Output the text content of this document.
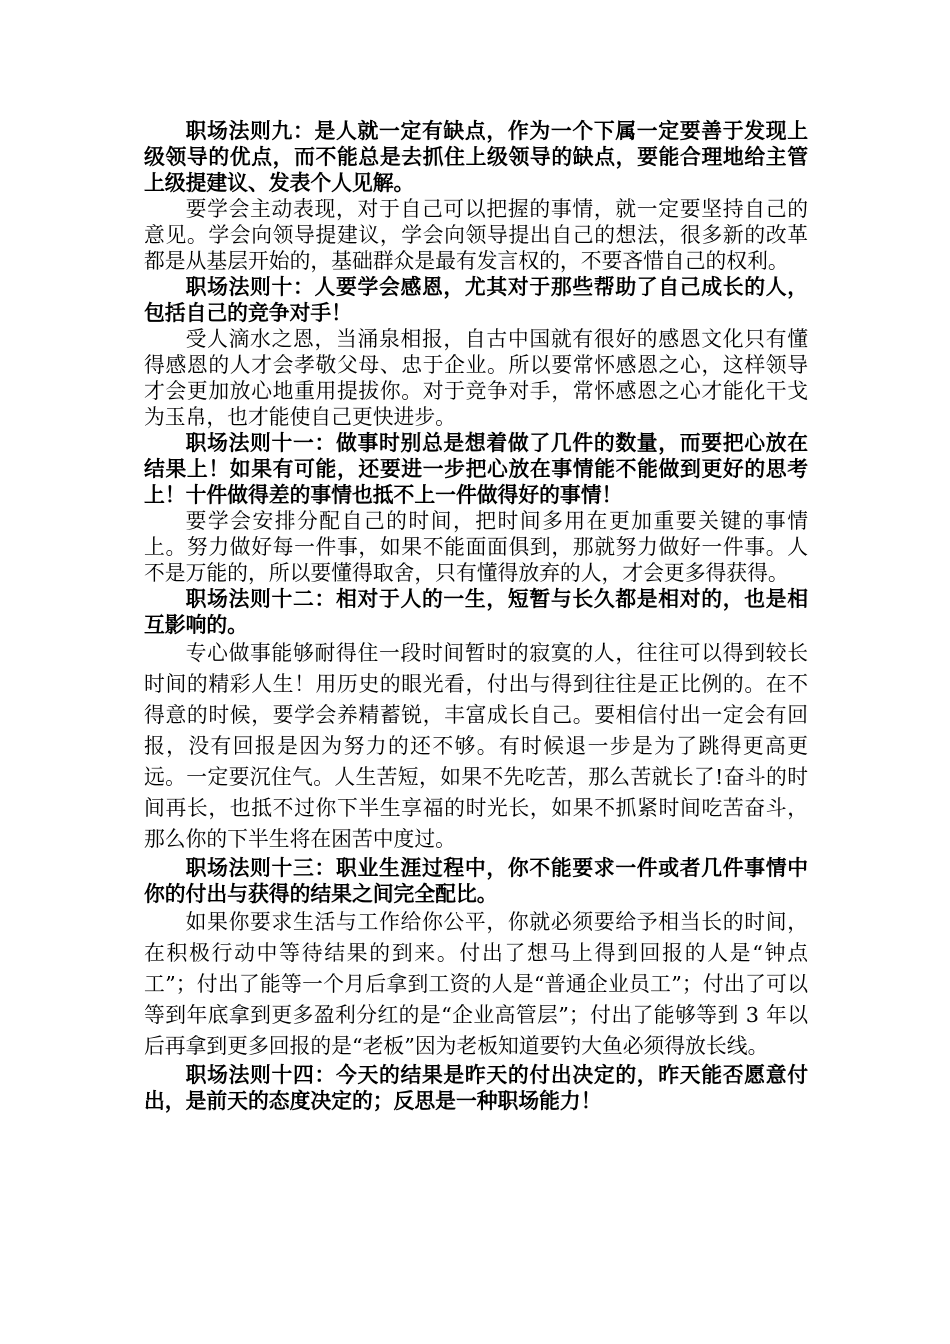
职场法则九：是人就一定有缺点，作为一个下属一定要善于发现上级领导的优点，而不能总是去抓住上级领导的缺点，要能合理地给主管上级提建议、发表个人见解。

要学会主动表现，对于自己可以把握的事情，就一定要坚持自己的意见。学会向领导提建议，学会向领导提出自己的想法，很多新的改革都是从基层开始的，基础群众是最有发言权的，不要吝惜自己的权利。

职场法则十：人要学会感恩，尤其对于那些帮助了自己成长的人，包括自己的竞争对手！

受人滴水之恩，当涌泉相报，自古中国就有很好的感恩文化只有懂得感恩的人才会孝敬父母、忠于企业。所以要常怀感恩之心，这样领导才会更加放心地重用提拔你。对于竞争对手，常怀感恩之心才能化干戈为玉帛，也才能使自己更快进步。

职场法则十一：做事时别总是想着做了几件的数量，而要把心放在结果上！如果有可能，还要进一步把心放在事情能不能做到更好的思考上！十件做得差的事情也抵不上一件做得好的事情！

要学会安排分配自己的时间，把时间多用在更加重要关键的事情上。努力做好每一件事，如果不能面面俱到，那就努力做好一件事。人不是万能的，所以要懂得取舍，只有懂得放弃的人，才会更多得获得。

职场法则十二：相对于人的一生，短暂与长久都是相对的，也是相互影响的。

专心做事能够耐得住一段时间暂时的寂寞的人，往往可以得到较长时间的精彩人生！用历史的眼光看，付出与得到往往是正比例的。在不得意的时候，要学会养精蓄锐，丰富成长自己。要相信付出一定会有回报，没有回报是因为努力的还不够。有时候退一步是为了跳得更高更远。一定要沉住气。人生苦短，如果不先吃苦，那么苦就长了!奋斗的时间再长，也抵不过你下半生享福的时光长，如果不抓紧时间吃苦奋斗，那么你的下半生将在困苦中度过。

职场法则十三：职业生涯过程中，你不能要求一件或者几件事情中你的付出与获得的结果之间完全配比。

如果你要求生活与工作给你公平，你就必须要给予相当长的时间，在积极行动中等待结果的到来。付出了想马上得到回报的人是“钟点工”；付出了能等一个月后拿到工资的人是“普通企业员工”；付出了可以等到年底拿到更多盈利分红的是“企业高管层”；付出了能够等到 3 年以后再拿到更多回报的是“老板”因为老板知道要钓大鱼必须得放长线。

职场法则十四：今天的结果是昨天的付出决定的，昨天能否愿意付出，是前天的态度决定的；反思是一种职场能力！
